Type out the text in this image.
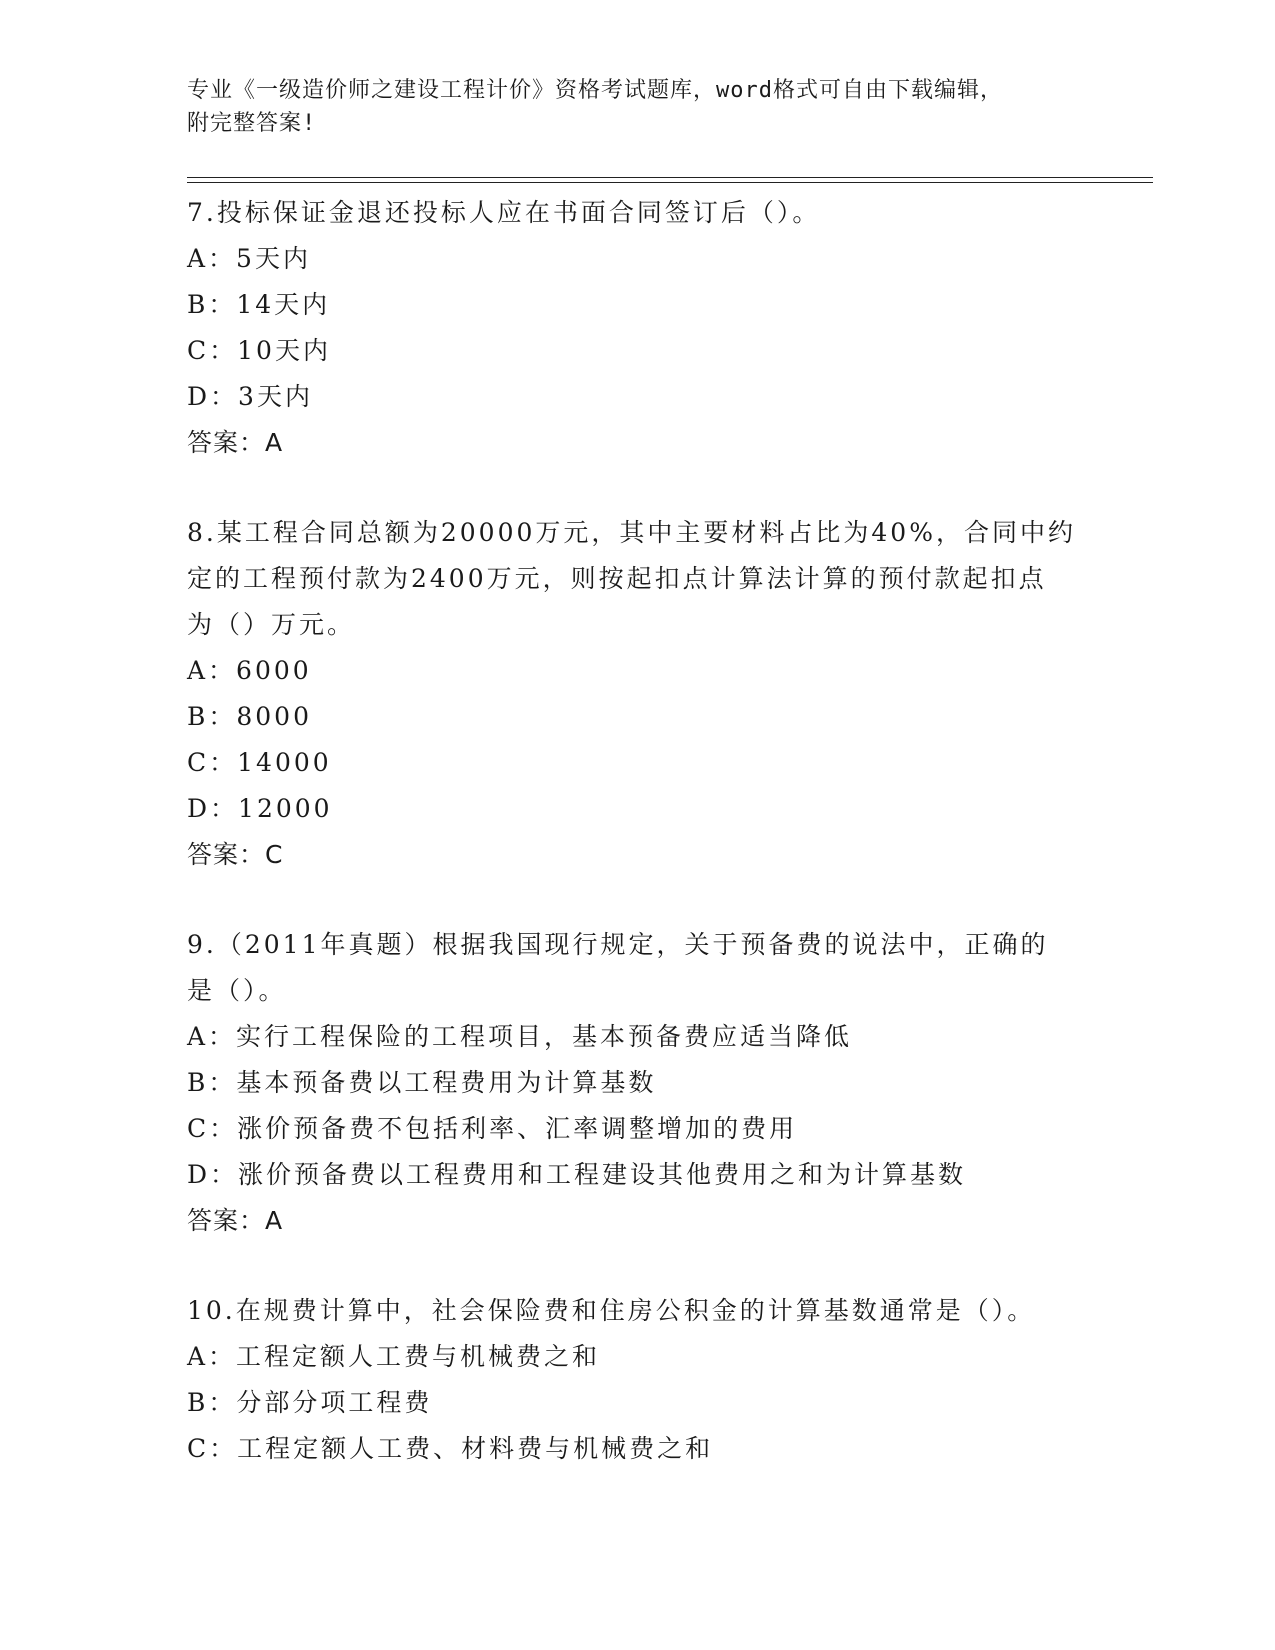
专业《一级造价师之建设工程计价》资格考试题库，word格式可自由下载编辑，
附完整答案!
7.投标保证金退还投标人应在书面合同签订后（）。
A：5天内
B：14天内
C：10天内
D：3天内
答案：A
8.某工程合同总额为20000万元，其中主要材料占比为40%，合同中约
定的工程预付款为2400万元，则按起扣点计算法计算的预付款起扣点
为（）万元。
A：6000
B：8000
C：14000
D：12000
答案：C
9.（2011年真题）根据我国现行规定，关于预备费的说法中，正确的
是（）。
A：实行工程保险的工程项目，基本预备费应适当降低
B：基本预备费以工程费用为计算基数
C：涨价预备费不包括利率、汇率调整增加的费用
D：涨价预备费以工程费用和工程建设其他费用之和为计算基数
答案：A
10.在规费计算中，社会保险费和住房公积金的计算基数通常是（）。
A：工程定额人工费与机械费之和
B：分部分项工程费
C：工程定额人工费、材料费与机械费之和
